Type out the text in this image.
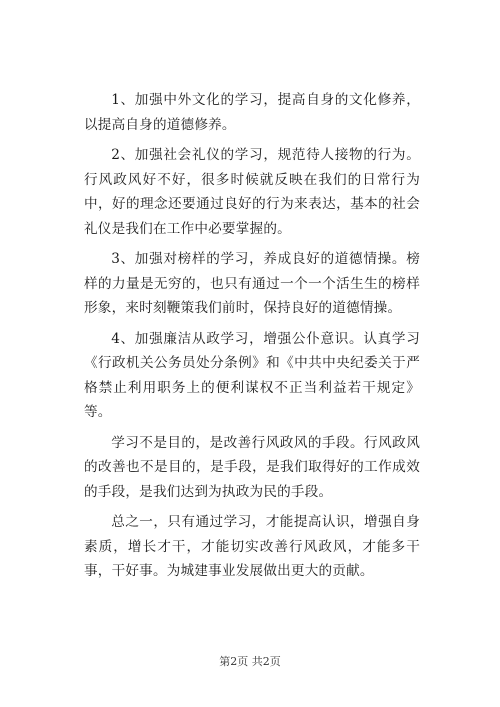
1、加强中外文化的学习，提高自身的文化修养，以提高自身的道德修养。

2、加强社会礼仪的学习，规范待人接物的行为。行风政风好不好，很多时候就反映在我们的日常行为中，好的理念还要通过良好的行为来表达，基本的社会礼仪是我们在工作中必要掌握的。

3、加强对榜样的学习，养成良好的道德情操。榜样的力量是无穷的，也只有通过一个一个活生生的榜样形象，来时刻鞭策我们前时，保持良好的道德情操。

4、加强廉洁从政学习，增强公仆意识。认真学习《行政机关公务员处分条例》和《中共中央纪委关于严格禁止利用职务上的便利谋权不正当利益若干规定》等。

学习不是目的，是改善行风政风的手段。行风政风的改善也不是目的，是手段，是我们取得好的工作成效的手段，是我们达到为执政为民的手段。

总之一，只有通过学习，才能提高认识，增强自身素质，增长才干，才能切实改善行风政风，才能多干事，干好事。为城建事业发展做出更大的贡献。

第2页 共2页
